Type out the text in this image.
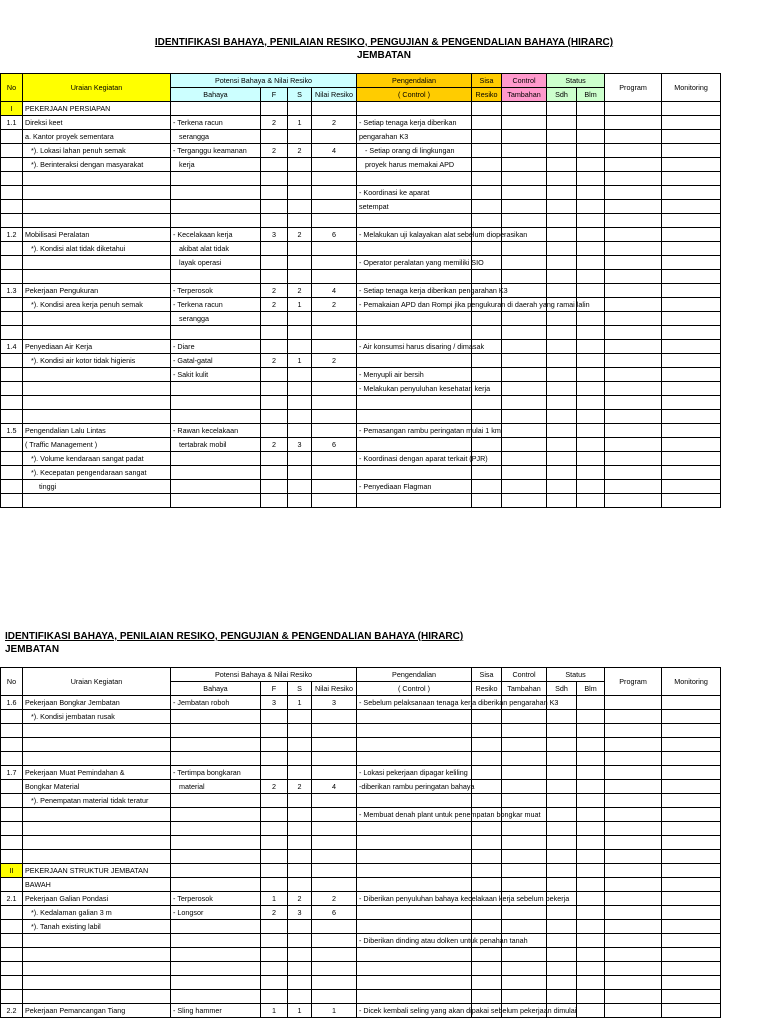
IDENTIFIKASI BAHAYA, PENILAIAN RESIKO, PENGUJIAN & PENGENDALIAN BAHAYA (HIRARC)
JEMBATAN
No	Uraian Kegiatan	Potensi Bahaya & Nilai Resiko				Pengendalian	Sisa	Control	Status		Program	Monitoring
		Bahaya	F	S	Nilai Resiko	( Control )	Resiko	Tambahan	Sdh	Blm		
I	PEKERJAAN PERSIAPAN											
1.1	Direksi keet	- Terkena racun	2	1	2	- Setiap tenaga kerja diberikan						
	a. Kantor proyek sementara	serangga				pengarahan K3						
	*). Lokasi lahan penuh semak	- Terganggu keamanan	2	2	4	- Setiap orang di lingkungan						
	*). Berinteraksi dengan masyarakat	kerja				proyek harus memakai APD						

						- Koordinasi ke aparat						
						setempat						

1.2	Mobilisasi Peralatan	- Kecelakaan kerja	3	2	6	- Melakukan uji kalayakan alat sebelum dioperasikan						
	*). Kondisi alat tidak diketahui	akibat alat tidak										
		layak operasi				- Operator peralatan yang memiliki SIO						

1.3	Pekerjaan Pengukuran	- Terperosok	2	2	4	- Setiap tenaga kerja diberikan pengarahan K3						
	*). Kondisi area kerja penuh semak	- Terkena racun	2	1	2	- Pemakaian APD dan Rompi jika pengukuran di daerah yang ramai lalin						
		serangga										

1.4	Penyediaan Air Kerja	- Diare				- Air konsumsi harus disaring / dimasak						
	*). Kondisi air kotor tidak higienis	- Gatal-gatal	2	1	2							
		- Sakit kulit				- Menyupli air bersih						
						- Melakukan penyuluhan kesehatan kerja						

1.5	Pengendalian Lalu Lintas	- Rawan kecelakaan				- Pemasangan rambu peringatan mulai 1 km						
	( Traffic Management )	tertabrak mobil	2	3	6							
	*). Volume kendaraan sangat padat					- Koordinasi dengan aparat terkait (PJR)						
	*). Kecepatan pengendaraan sangat											
	tinggi					- Penyediaan Flagman						

IDENTIFIKASI BAHAYA, PENILAIAN RESIKO, PENGUJIAN & PENGENDALIAN BAHAYA (HIRARC)
JEMBATAN
No	Uraian Kegiatan	Potensi Bahaya & Nilai Resiko				Pengendalian	Sisa	Control	Status		Program	Monitoring
		Bahaya	F	S	Nilai Resiko	( Control )	Resiko	Tambahan	Sdh	Blm		
1.6	Pekerjaan Bongkar Jembatan	- Jembatan roboh	3	1	3	- Sebelum pelaksanaan tenaga kerja diberikan pengarahan K3						
	*). Kondisi jembatan rusak											

1.7	Pekerjaan Muat Pemindahan &	- Tertimpa bongkaran				- Lokasi pekerjaan dipagar keliling						
	Bongkar Material	material	2	2	4	-diberikan rambu peringatan bahaya						
	*). Penempatan material tidak teratur											
						- Membuat denah plant untuk penempatan bongkar muat						

II	PEKERJAAN STRUKTUR JEMBATAN											
	BAWAH											
2.1	Pekerjaan Galian Pondasi	- Terperosok	1	2	2	- Diberikan penyuluhan bahaya kecelakaan kerja sebelum bekerja						
	*). Kedalaman galian 3 m	- Longsor	2	3	6							
	*). Tanah existing labil											
						- Diberikan dinding atau dolken untuk penahan tanah						

2.2	Pekerjaan Pemancangan Tiang	- Sling hammer	1	1	1	- Dicek kembali seling yang akan dipakai sebelum pekerjaan dimulai						
